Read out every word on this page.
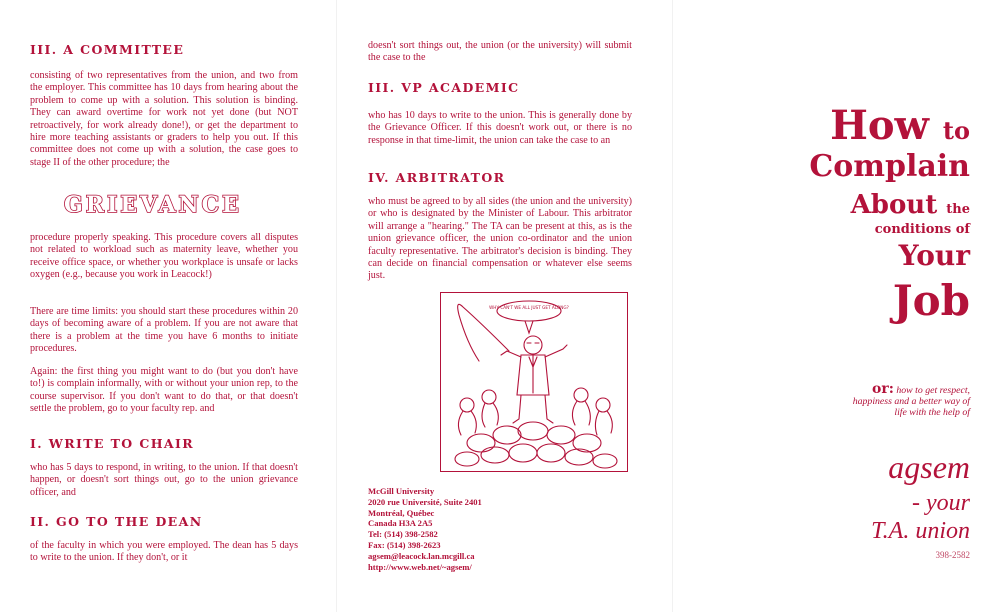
III. A COMMITTEE

consisting of two representatives from the union, and two from the employer. This committee has 10 days from hearing about the problem to come up with a solution. This solution is binding. They can award overtime for work not yet done (but NOT retroactively, for work already done!), or get the department to hire more teaching assistants or graders to help you out. If this committee does not come up with a solution, the case goes to stage II of the other procedure; the

GRIEVANCE

procedure properly speaking. This procedure covers all disputes not related to workload such as maternity leave, whether you receive office space, or whether you workplace is unsafe or lacks oxygen (e.g., because you work in Leacock!)

There are time limits: you should start these procedures within 20 days of becoming aware of a problem. If you are not aware that there is a problem at the time you have 6 months to initiate procedures.

Again: the first thing you might want to do (but you don't have to!) is complain informally, with or without your union rep, to the course supervisor. If you don't want to do that, or that doesn't settle the problem, go to your faculty rep. and

I. WRITE TO CHAIR

who has 5 days to respond, in writing, to the union. If that doesn't happen, or doesn't sort things out, go to the union grievance officer, and

II. GO TO THE DEAN

of the faculty in which you were employed. The dean has 5 days to write to the union. If they don't, or it

doesn't sort things out, the union (or the university) will submit the case to the

III. VP ACADEMIC

who has 10 days to write to the union. This is generally done by the Grievance Officer. If this doesn't work out, or there is no response in that time-limit, the union can take the case to an

IV. ARBITRATOR

who must be agreed to by all sides (the union and the university) or who is designated by the Minister of Labour. This arbitrator will arrange a "hearing." The TA can be present at this, as is the union grievance officer, the union co-ordinator and the union faculty representative. The arbitrator's decision is binding. They can decide on financial compensation or whatever else seems just.

WHY CAN'T WE ALL JUST GET ALONG?
McGill University
2020 rue Université, Suite 2401
Montréal, Québec
Canada H3A 2A5
Tel: (514) 398-2582
Fax: (514) 398-2623
agsem@leacock.lan.mcgill.ca
http://www.web.net/~agsem/
How to
Complain
About the
conditions of
Your
Job
or: how to get respect, happiness and a better way of life with the help of
agsem
- your
T.A. union
398-2582
